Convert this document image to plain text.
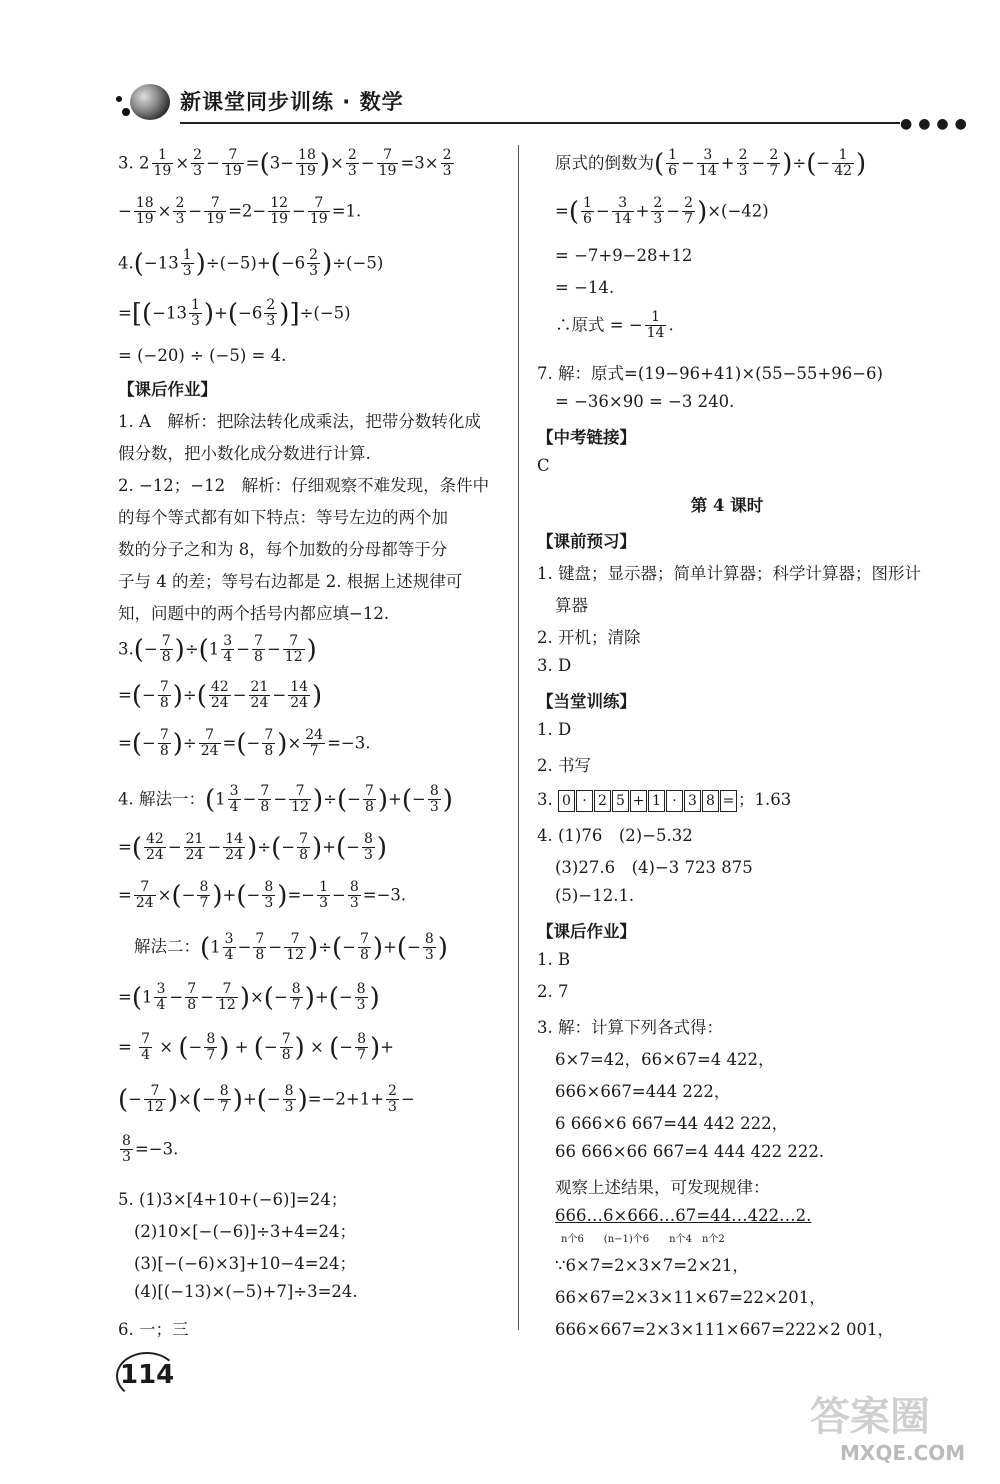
新课堂同步训练 · 数学
●●●●
3. $2 \frac{1}{19} \times \frac{2}{3} - \frac{7}{19} =(3- \frac{18}{19}$ )× $\frac{2}{3} - \frac{7}{19} =3\times \frac{2}{3}$
− $\frac{18}{19} \times \frac{2}{3} - \frac{7}{19} =2- \frac{12}{19} - \frac{7}{19} =1$.
$4.(-13 \frac{1}{3} )\div(-5)+(-6 \frac{2}{3} )\div(-5)$
$=[(-13 \frac{1}{3} )+(-6 \frac{2}{3} )]\div(-5)$
= (−20) ÷ (−5) = 4.
【课后作业】
1. A　解析：把除法转化成乘法，把带分数转化成
假分数，把小数化成分数进行计算.
2. −12；−12　解析：仔细观察不难发现，条件中
的每个等式都有如下特点：等号左边的两个加
数的分子之和为 8，每个加数的分母都等于分
子与 4 的差；等号右边都是 2. 根据上述规律可
知，问题中的两个括号内都应填−12.
$3.(- \frac{7}{8} )\div(1 \frac{3}{4} - \frac{7}{8} - \frac{7}{12}$ )
=(− $\frac{7}{8}$ )÷( $\frac{42}{24} - \frac{21}{24} - \frac{14}{24}$ )
=(− $\frac{7}{8}$ )÷ $\frac{7}{24}$ =(− $\frac{7}{8}$ )× $\frac{24}{7} =-3$.
4. 解法一：($1 \frac{3}{4} - \frac{7}{8} - \frac{7}{12}$ )÷(− $\frac{7}{8}$ )+(− $\frac{8}{3}$ )
=( $\frac{42}{24} - \frac{21}{24} - \frac{14}{24}$ )÷(− $\frac{7}{8}$ )+(− $\frac{8}{3}$ )
= $\frac{7}{24}$ ×(− $\frac{8}{7}$ )+(− $\frac{8}{3}$ )=− $\frac{1}{3} - \frac{8}{3} =-3$.
解法二：($1 \frac{3}{4} - \frac{7}{8} - \frac{7}{12}$ )÷(− $\frac{7}{8}$ )+(− $\frac{8}{3}$ )
$=(1 \frac{3}{4} - \frac{7}{8} - \frac{7}{12}$ )×(− $\frac{8}{7}$ )+(− $\frac{8}{3}$ )
= $\frac{7}{4}$ × (− $\frac{8}{7}$ ) + (− $\frac{7}{8}$ ) × (− $\frac{8}{7}$ )+
(− $\frac{7}{12}$ )×(− $\frac{8}{7}$ )+(− $\frac{8}{3} )=-2+1+ \frac{2}{3}$ −
$\frac{8}{3} =-3$.
5. (1)3×[4+10+(−6)]=24；
(2)10×[−(−6)]÷3+4=24；
(3)[−(−6)×3]+10−4=24；
(4)[(−13)×(−5)+7]÷3=24.
6. 一；三
原式的倒数为( $\frac{1}{6} - \frac{3}{14} + \frac{2}{3} - \frac{2}{7}$ )÷(− $\frac{1}{42}$ )
=( $\frac{1}{6} - \frac{3}{14} + \frac{2}{3} - \frac{2}{7} )\times(-42)$
= −7+9−28+12
= −14.
∴原式 = − $\frac{1}{14}$ .
7. 解：原式=(19−96+41)×(55−55+96−6)
= −36×90 = −3 240.
【中考链接】
C
第 4 课时
【课前预习】
1. 键盘；显示器；简单计算器；科学计算器；图形计
算器
2. 开机；清除
3. D
【当堂训练】
1. D
2. 书写
3. 0 · 2 5 + 1 · 3 8 = ；1.63
4. (1)76　(2)−5.32
(3)27.6　(4)−3 723 875
(5)−12.1.
【课后作业】
1. B
2. 7
3. 解：计算下列各式得：
6×7=42，66×67=4 422，
666×667=444 222，
6 666×6 667=44 442 222，
66 666×66 667=4 444 422 222.
观察上述结果，可发现规律：
666…6×666…67=44…422…2.
n个6　　(n−1)个6　　n个4　n个2
∵6×7=2×3×7=2×21，
66×67=2×3×11×67=22×201，
666×667=2×3×111×667=222×2 001，
114
答案圈
MXQE.COM
